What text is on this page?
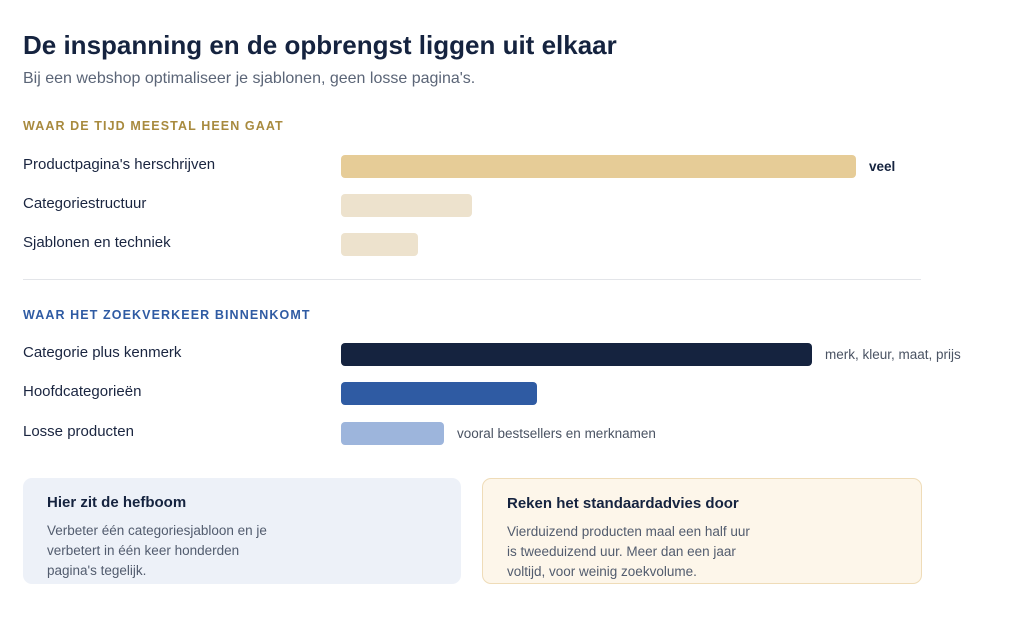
De inspanning en de opbrengst liggen uit elkaar
Bij een webshop optimaliseer je sjablonen, geen losse pagina's.
WAAR DE TIJD MEESTAL HEEN GAAT
WAAR HET ZOEKVERKEER BINNENKOMT
Productpagina's herschrijven	veel
Categoriestructuur
Sjablonen en techniek
Categorie plus kenmerk	merk, kleur, maat, prijs
Hoofdcategorieën
Losse producten	vooral bestsellers en merknamen
Hier zit de hefboom
Verbeter één categoriesjabloon en je
verbetert in één keer honderden
pagina's tegelijk.
Reken het standaardadvies door
Vierduizend producten maal een half uur
is tweeduizend uur. Meer dan een jaar
voltijd, voor weinig zoekvolume.
